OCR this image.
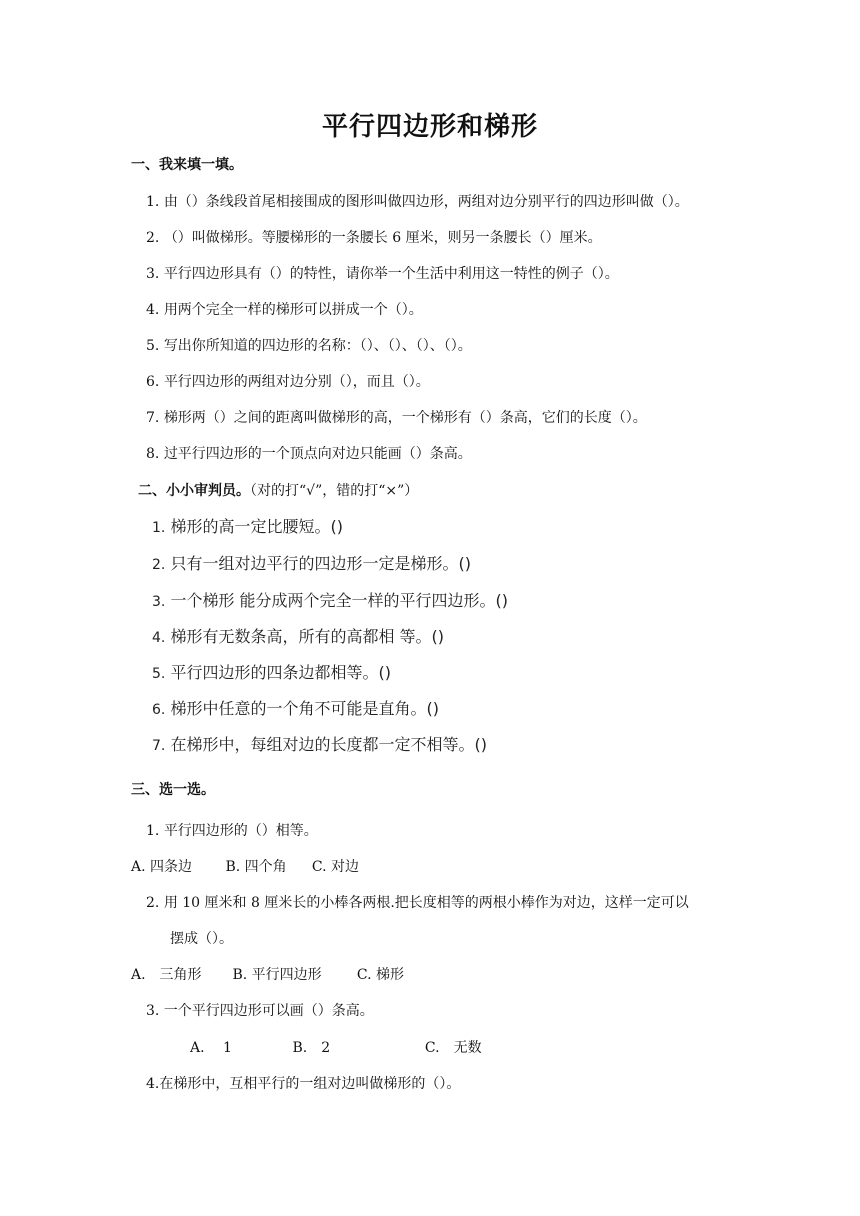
平行四边形和梯形
一、我来填一填。
1. 由（）条线段首尾相接围成的图形叫做四边形，两组对边分别平行的四边形叫做（）。
2. （）叫做梯形。等腰梯形的一条腰长 6 厘米，则另一条腰长（）厘米。
3. 平行四边形具有（）的特性，请你举一个生活中利用这一特性的例子（）。
4. 用两个完全一样的梯形可以拼成一个（）。
5. 写出你所知道的四边形的名称：（）、（）、（）、（）。
6. 平行四边形的两组对边分别（），而且（）。
7. 梯形两（）之间的距离叫做梯形的高，一个梯形有（）条高，它们的长度（）。
8. 过平行四边形的一个顶点向对边只能画（）条高。
二、小小审判员。（对的打“√”，错的打“×”）
1. 梯形的高一定比腰短。()
2. 只有一组对边平行的四边形一定是梯形。()
3. 一个梯形 能分成两个完全一样的平行四边形。()
4. 梯形有无数条高，所有的高都相 等。()
5. 平行四边形的四条边都相等。()
6. 梯形中任意的一个角不可能是直角。()
7. 在梯形中，每组对边的长度都一定不相等。()
三、选一选。
1. 平行四边形的（）相等。
A. 四条边 B. 四个角 C. 对边
2. 用 10 厘米和 8 厘米长的小棒各两根.把长度相等的两根小棒作为对边，这样一定可以
摆成（）。
A.　三角形 B. 平行四边形	C. 梯形
3. 一个平行四边形可以画（）条高。
A.　 1	B.　2	C.　无数
4.在梯形中，互相平行的一组对边叫做梯形的（）。
